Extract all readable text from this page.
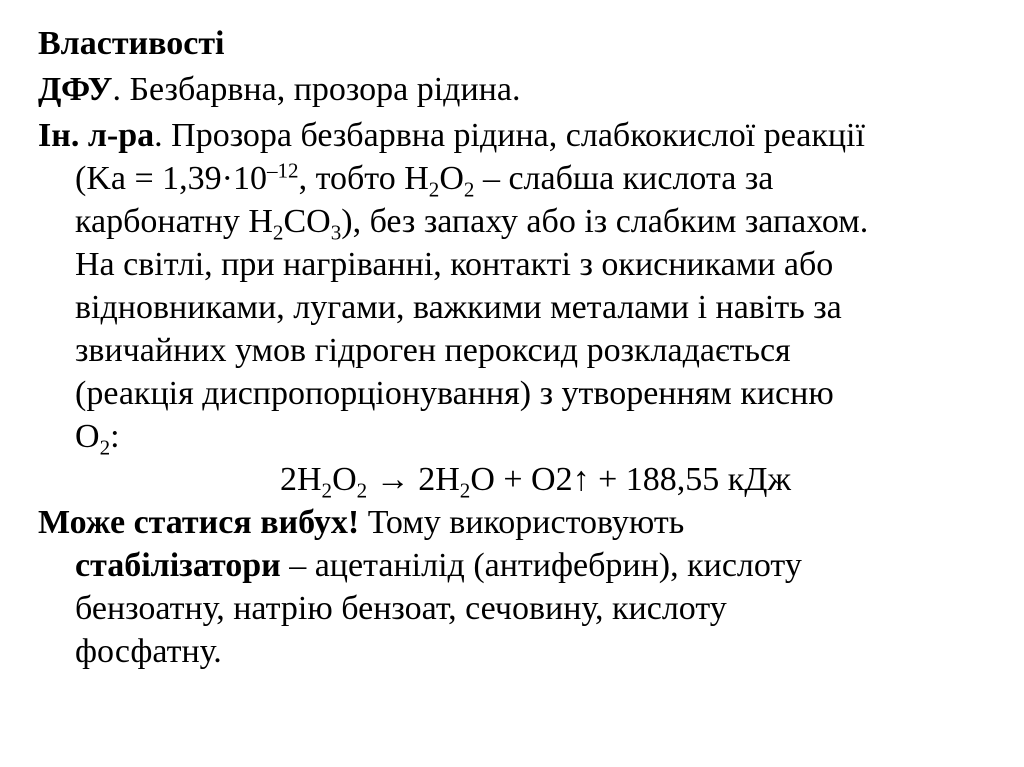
Властивості

ДФУ. Безбарвна, прозора рідина.

Ін. л-ра. Прозора безбарвна рідина, слабкокислої реакції

($Ka = 1,39\cdot 10^{-12}$, тобто $H_2O_2$ – слабша кислота за

карбонатну $H_2CO_3$), без запаху або із слабким запахом.

На світлі, при нагріванні, контакті з окисниками або

відновниками, лугами, важкими металами і навіть за

звичайних умов гідроген пероксид розкладається

(реакція диспропорціонування) з утворенням кисню

$O_2$:

$2H_2O_2 \to 2H_2O$ + O2↑ + 188,55 кДж

Може статися вибух! Тому використовують

стабілізатори – ацетанілід (антифебрин), кислоту

бензоатну, натрію бензоат, сечовину, кислоту

фосфатну.
